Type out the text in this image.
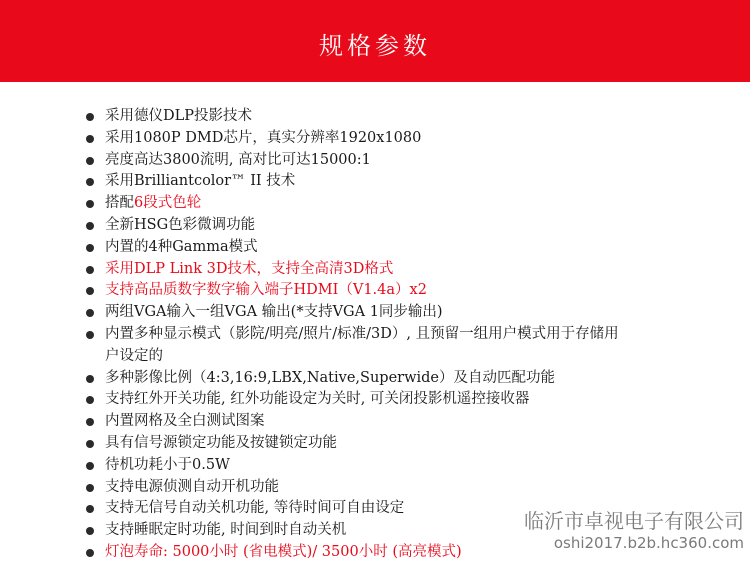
规格参数
采用德仪DLP投影技术
采用1080P DMD芯片，真实分辨率1920x1080
亮度高达3800流明, 高对比可达15000:1
采用Brilliantcolor™ II 技术
搭配6段式色轮
全新HSG色彩微调功能
内置的4种Gamma模式
采用DLP Link 3D技术，支持全高清3D格式
支持高品质数字数字输入端子HDMI（V1.4a）x2
两组VGA输入一组VGA 输出(*支持VGA 1同步输出)
内置多种显示模式（影院/明亮/照片/标准/3D）, 且预留一组用户模式用于存储用户设定的
多种影像比例（4:3,16:9,LBX,Native,Superwide）及自动匹配功能
支持红外开关功能, 红外功能设定为关时, 可关闭投影机遥控接收器
内置网格及全白测试图案
具有信号源锁定功能及按键锁定功能
待机功耗小于0.5W
支持电源侦测自动开机功能
支持无信号自动关机功能, 等待时间可自由设定
支持睡眠定时功能, 时间到时自动关机
灯泡寿命: 5000小时 (省电模式)/ 3500小时 (高亮模式)
临沂市卓视电子有限公司
oshi2017.b2b.hc360.com
